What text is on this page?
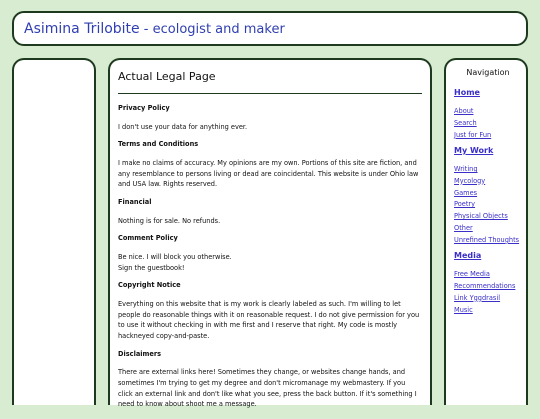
Asimina Trilobite - ecologist and maker
Actual Legal Page
Privacy Policy
I don't use your data for anything ever.
Terms and Conditions
I make no claims of accuracy. My opinions are my own. Portions of this site are fiction, and any resemblance to persons living or dead are coincidental. This website is under Ohio law and USA law. Rights reserved.
Financial
Nothing is for sale. No refunds.
Comment Policy
Be nice. I will block you otherwise.
Sign the guestbook!
Copyright Notice
Everything on this website that is my work is clearly labeled as such. I'm willing to let people do reasonable things with it on reasonable request. I do not give permission for you to use it without checking in with me first and I reserve that right. My code is mostly hackneyed copy-and-paste.
Disclaimers
There are external links here! Sometimes they change, or websites change hands, and sometimes I'm trying to get my degree and don't micromanage my webmastery. If you click an external link and don't like what you see, press the back button. If it's something I need to know about shoot me a message.
Navigation
Home
About
Search
Just for Fun
My Work
Writing
Mycology
Games
Poetry
Physical Objects
Other
Unrefined Thoughts
Media
Free Media
Recommendations
Link Yggdrasil
Music
